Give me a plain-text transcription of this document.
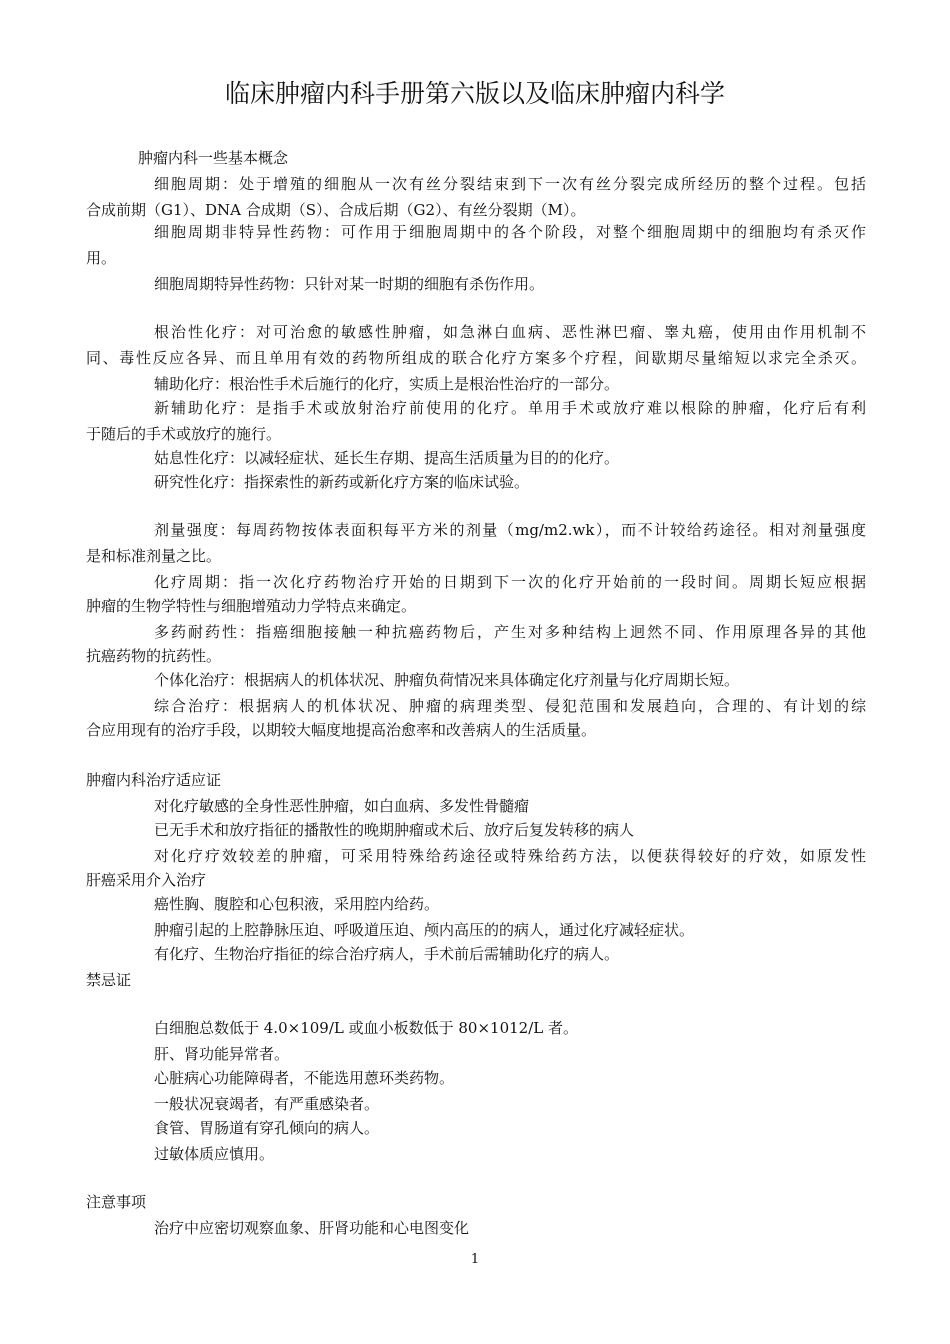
临床肿瘤内科手册第六版以及临床肿瘤内科学

肿瘤内科一些基本概念

细胞周期：处于增殖的细胞从一次有丝分裂结束到下一次有丝分裂完成所经历的整个过程。包括

合成前期（G1）、DNA 合成期（S）、合成后期（G2）、有丝分裂期（M）。

细胞周期非特异性药物：可作用于细胞周期中的各个阶段，对整个细胞周期中的细胞均有杀灭作

用。

细胞周期特异性药物：只针对某一时期的细胞有杀伤作用。

根治性化疗：对可治愈的敏感性肿瘤，如急淋白血病、恶性淋巴瘤、睾丸癌，使用由作用机制不

同、毒性反应各异、而且单用有效的药物所组成的联合化疗方案多个疗程，间歇期尽量缩短以求完全杀灭。

辅助化疗：根治性手术后施行的化疗，实质上是根治性治疗的一部分。

新辅助化疗：是指手术或放射治疗前使用的化疗。单用手术或放疗难以根除的肿瘤，化疗后有利

于随后的手术或放疗的施行。

姑息性化疗：以减轻症状、延长生存期、提高生活质量为目的的化疗。

研究性化疗：指探索性的新药或新化疗方案的临床试验。

剂量强度：每周药物按体表面积每平方米的剂量（mg/m2.wk），而不计较给药途径。相对剂量强度

是和标准剂量之比。

化疗周期：指一次化疗药物治疗开始的日期到下一次的化疗开始前的一段时间。周期长短应根据

肿瘤的生物学特性与细胞增殖动力学特点来确定。

多药耐药性：指癌细胞接触一种抗癌药物后，产生对多种结构上迥然不同、作用原理各异的其他

抗癌药物的抗药性。

个体化治疗：根据病人的机体状况、肿瘤负荷情况来具体确定化疗剂量与化疗周期长短。

综合治疗：根据病人的机体状况、肿瘤的病理类型、侵犯范围和发展趋向，合理的、有计划的综

合应用现有的治疗手段，以期较大幅度地提高治愈率和改善病人的生活质量。

肿瘤内科治疗适应证

对化疗敏感的全身性恶性肿瘤，如白血病、多发性骨髓瘤

已无手术和放疗指征的播散性的晚期肿瘤或术后、放疗后复发转移的病人

对化疗疗效较差的肿瘤，可采用特殊给药途径或特殊给药方法，以便获得较好的疗效，如原发性

肝癌采用介入治疗

癌性胸、腹腔和心包积液，采用腔内给药。

肿瘤引起的上腔静脉压迫、呼吸道压迫、颅内高压的的病人，通过化疗减轻症状。

有化疗、生物治疗指征的综合治疗病人，手术前后需辅助化疗的病人。

禁忌证

白细胞总数低于 4.0×109/L 或血小板数低于 80×1012/L 者。

肝、肾功能异常者。

心脏病心功能障碍者，不能选用蒽环类药物。

一般状况衰竭者，有严重感染者。

食管、胃肠道有穿孔倾向的病人。

过敏体质应慎用。

注意事项

治疗中应密切观察血象、肝肾功能和心电图变化

1
